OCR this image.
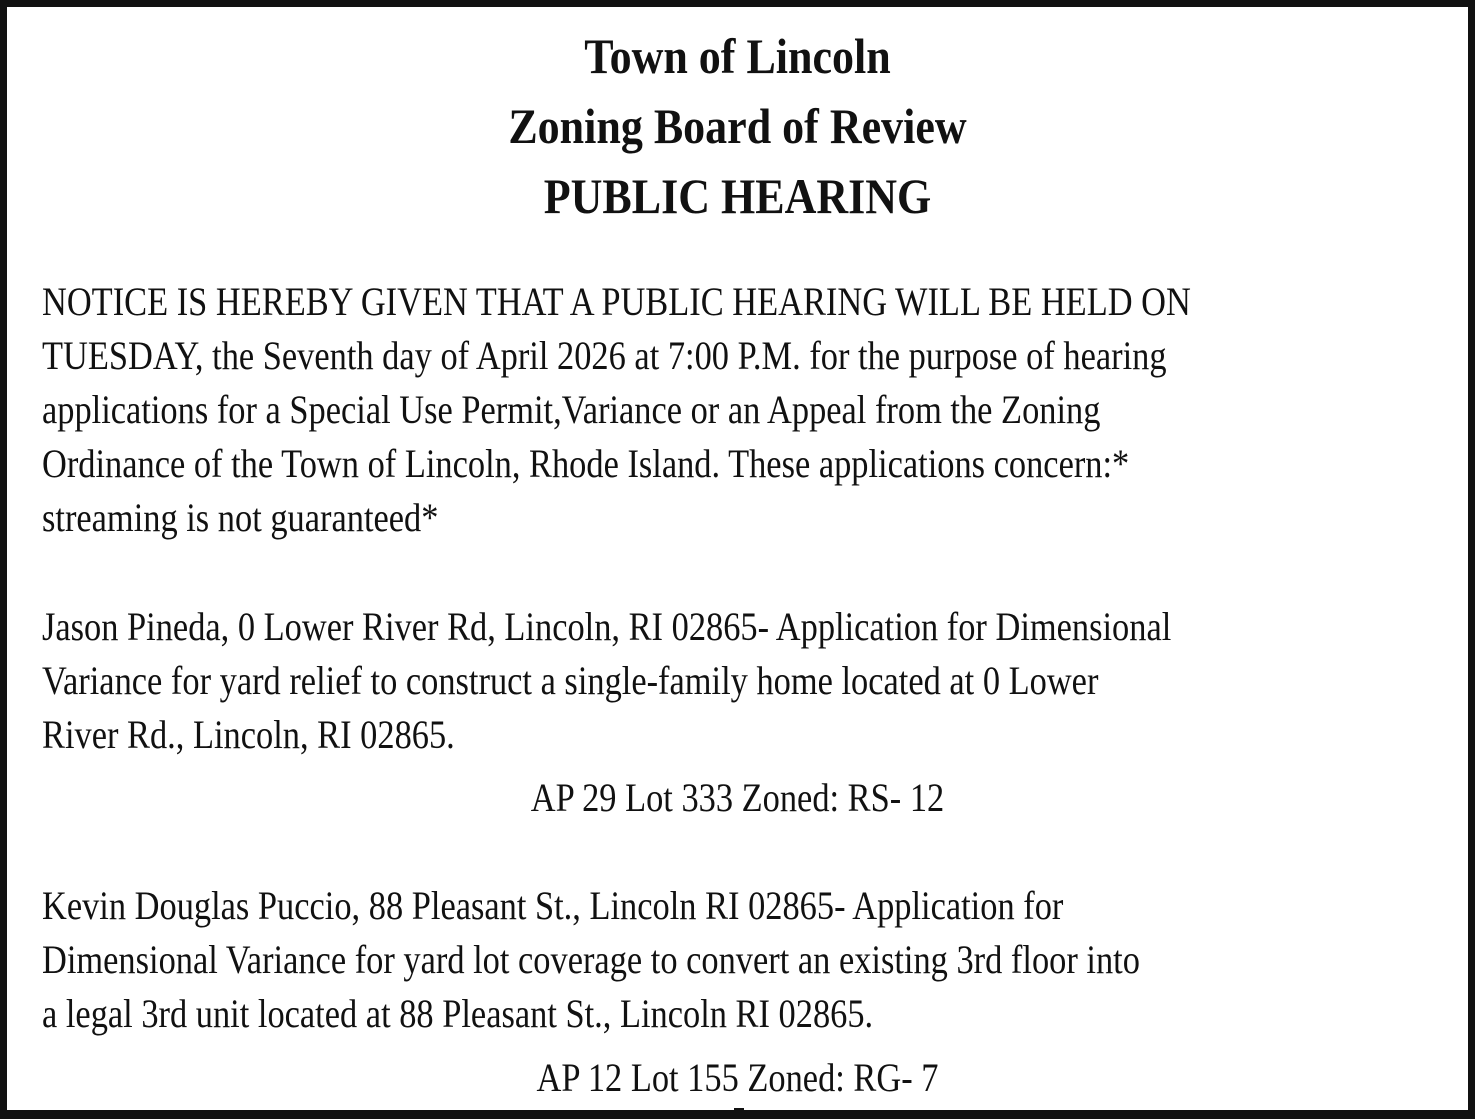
Town of Lincoln
Zoning Board of Review
PUBLIC HEARING
NOTICE IS HEREBY GIVEN THAT A PUBLIC HEARING WILL BE HELD ON
TUESDAY, the Seventh day of April 2026 at 7:00 P.M. for the purpose of hearing
applications for a Special Use Permit,Variance or an Appeal from the Zoning
Ordinance of the Town of Lincoln, Rhode Island. These applications concern:*
streaming is not guaranteed*
Jason Pineda, 0 Lower River Rd, Lincoln, RI 02865- Application for Dimensional
Variance for yard relief to construct a single-family home located at 0 Lower
River Rd., Lincoln, RI 02865.
AP 29 Lot 333 Zoned: RS- 12
Kevin Douglas Puccio, 88 Pleasant St., Lincoln RI 02865- Application for
Dimensional Variance for yard lot coverage to convert an existing 3rd floor into
a legal 3rd unit located at 88 Pleasant St., Lincoln RI 02865.
AP 12 Lot 155 Zoned: RG- 7
